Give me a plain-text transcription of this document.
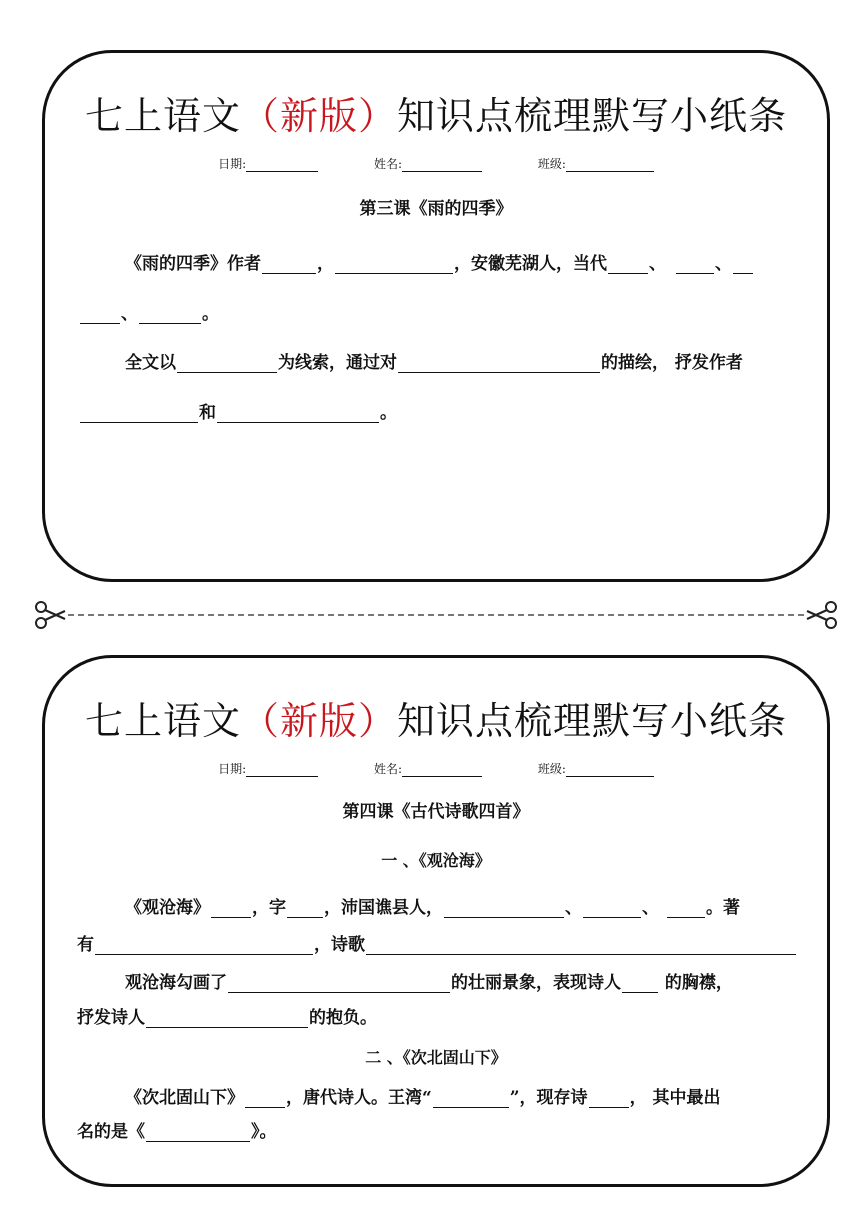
七上语文（新版）知识点梳理默写小纸条
日期:	姓名:	班级:
第三课《雨的四季》
《雨的四季》作者	，	，安徽芜湖人，当代 、	、
、	。
全文以	为线索，通过对	的描绘， 抒发作者
和	。
七上语文（新版）知识点梳理默写小纸条
日期:	姓名:	班级:
第四课《古代诗歌四首》
一 、《观沧海》
《观沧海》 ，字 ，沛国谯县人，	、	、	。著
有	，诗歌
观沧海勾画了	的壮丽景象，表现诗人 的胸襟，
抒发诗人	的抱负。
二 、《次北固山下》
《次北固山下》 ，唐代诗人。王湾“	”，现存诗 ， 其中最出
名的是《	》。
